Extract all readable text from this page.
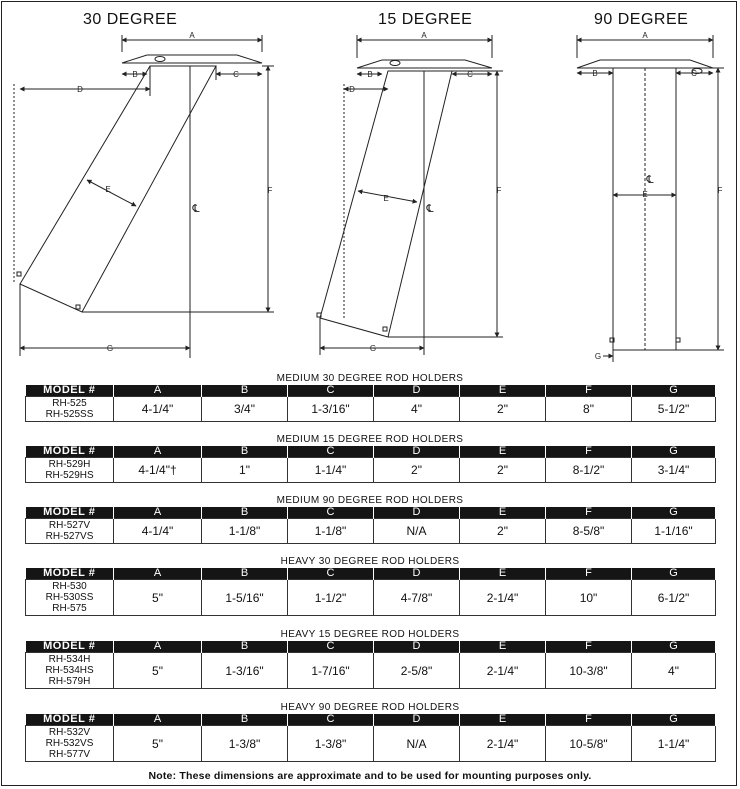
30 DEGREE	15 DEGREE	90 DEGREE
A
B	C
D
E	F
G
℄
A
B	C
D
E
F
G
℄
A
B	C
E	F
G
℄
MEDIUM 30 DEGREE ROD HOLDERS
MODEL #	A	B	C	D	E	F	G

RH-525
RH-525SS	4-1/4"	3/4"	1-3/16"	4"	2"	8"	5-1/2"
MEDIUM 15 DEGREE ROD HOLDERS
MODEL #	A	B	C	D	E	F	G

RH-529H
RH-529HS	4-1/4"†	1"	1-1/4"	2"	2"	8-1/2"	3-1/4"
MEDIUM 90 DEGREE ROD HOLDERS
MODEL #	A	B	C	D	E	F	G

RH-527V
RH-527VS	4-1/4"	1-1/8"	1-1/8"	N/A	2"	8-5/8"	1-1/16"
HEAVY 30 DEGREE ROD HOLDERS
MODEL #	A	B	C	D	E	F	G

RH-530
RH-530SS
RH-575	5"	1-5/16"	1-1/2"	4-7/8"	2-1/4"	10"	6-1/2"
HEAVY 15 DEGREE ROD HOLDERS
MODEL #	A	B	C	D	E	F	G

RH-534H
RH-534HS
RH-579H	5"	1-3/16"	1-7/16"	2-5/8"	2-1/4"	10-3/8"	4"
HEAVY 90 DEGREE ROD HOLDERS
MODEL #	A	B	C	D	E	F	G

RH-532V
RH-532VS
RH-577V	5"	1-3/8"	1-3/8"	N/A	2-1/4"	10-5/8"	1-1/4"
Note: These dimensions are approximate and to be used for mounting purposes only.
